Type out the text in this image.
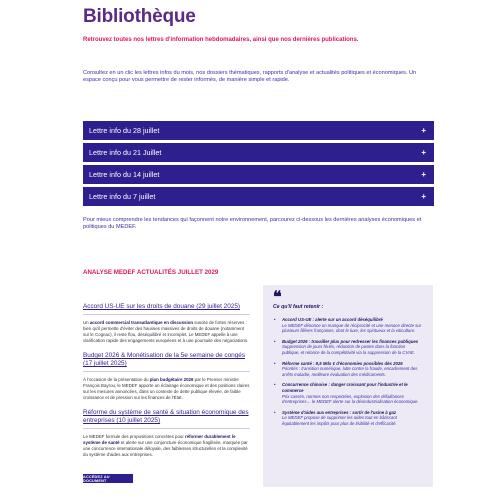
Bibliothèque
Retrouvez toutes nos lettres d'information hebdomadaires, ainsi que nos dernières publications.

Consultez en un clic les lettres infos du mois, nos dossiers thématiques, rapports d'analyse et actualités politiques et économiques. Un espace conçu pour vous permettre de rester informés, de manière simple et rapide.

Lettre info du 28 juillet	+
Lettre info du 21 Juillet	+
Lettre info du 14 juillet	+
Lettre info du 7 juillet	+

Pour mieux comprendre les tendances qui façonnent notre environnement, parcourez ci-dessous les dernières analyses économiques et politiques du MEDEF.

ANALYSE MEDEF ACTUALITÉS JUILLET 2029
Accord US-UE sur les droits de douane (29 juillet 2025)

Un accord commercial transatlantique en discussion suscite de fortes réserves : bien qu'il permette d'éviter des hausses massives de droits de douane (notamment sur le Cognac), il reste flou, déséquilibré et incomplet. Le MEDEF appelle à une clarification rapide des engagements européens et à une poursuite des négociations.

Budget 2026 & Monétisation de la 5e semaine de congés (17 juillet 2025)

À l'occasion de la présentation du plan budgétaire 2026 par le Premier ministre François Bayrou, le MEDEF apporte un éclairage économique et des positions claires sur les mesures annoncées, dans un contexte de dette publique élevée, de faible croissance et de pression sur les finances de l'État.

Réforme du système de santé & situation économique des entreprises (10 juillet 2025)

Le MEDEF formule des propositions concrètes pour réformer durablement le système de santé et alerte sur une conjoncture économique fragilisée, marquée par une concurrence internationale déloyale, des faiblesses structurelles et la complexité du système d'aides aux entreprises.

ACCÉDEZ AU DOCUMENT
❝
Ce qu'il faut retenir :
• Accord US-UE : alerte sur un accord déséquilibré
Le MEDEF dénonce un manque de réciprocité et une menace directe sur plusieurs filières françaises, dont le luxe, les spiritueux et la viticulture.
• Budget 2026 : travailler plus pour redresser les finances publiques
Suppression de jours fériés, réduction de postes dans la fonction publique, et relance de la compétitivité via la suppression de la CVAE.
• Réforme santé : 8,5 Mds € d'économies possibles dès 2026
Priorités : transition numérique, lutte contre la fraude, encadrement des arrêts maladie, meilleure évaluation des médicaments.
• Concurrence chinoise : danger croissant pour l'industrie et le commerce
Prix cassés, normes non respectées, explosion des défaillances d'entreprises… le MEDEF alerte sur la désindustrialisation économique.
• Système d'aides aux entreprises : sortir de l'usine à gaz
Le MEDEF propose de supprimer les aides tout en bâtissant équitablement les impôts pour plus de lisibilité et d'efficacité.
